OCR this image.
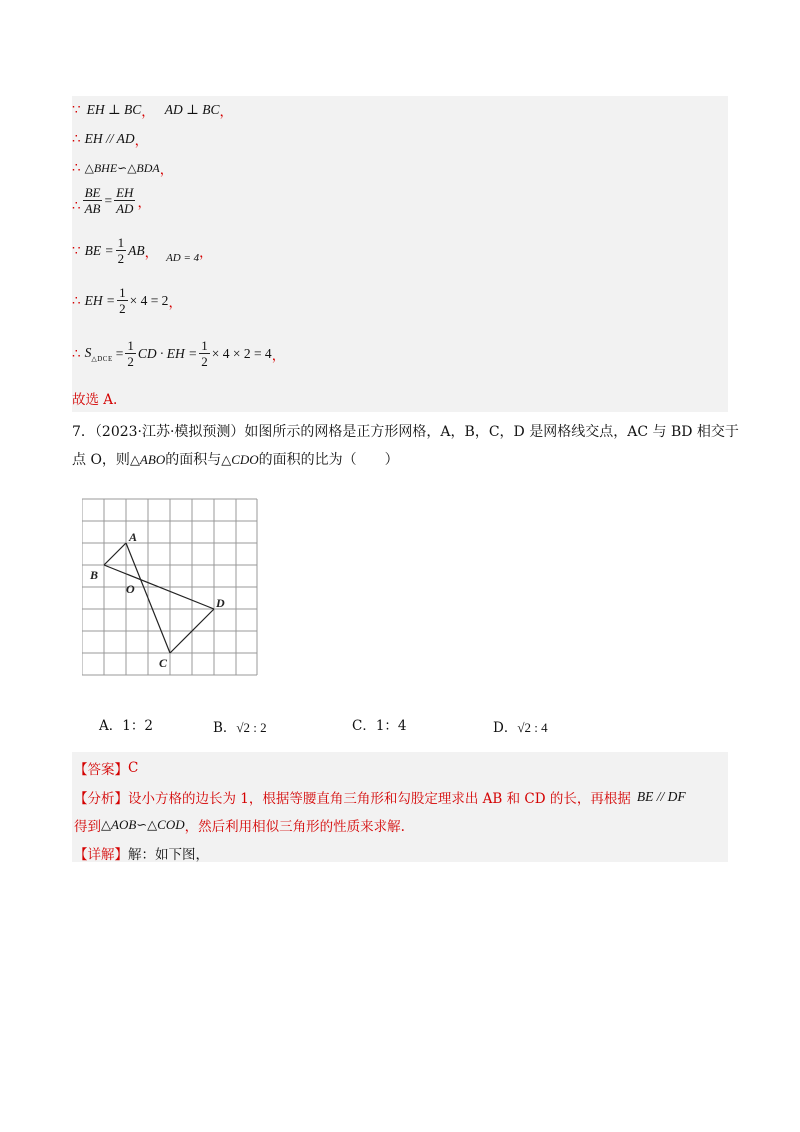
∵ EH ⊥ BC ， AD ⊥ BC ，
∴ EH // AD ，
∴ △BHE∽△BDA ，
∴ $\frac{BE}{AB} = \frac{EH}{AD}$ ，
∵ BE = $\frac{1}{2}$ AB ， AD = 4 ，
∴ EH = $\frac{1}{2} \times 4 = 2$ ，
∴ $S_{\triangle DCE} = \frac{1}{2}$ CD · EH = $\frac{1}{2} \times 4 \times 2 = 4$ ，
故选 A.
7．（2023·江苏·模拟预测）如图所示的网格是正方形网格，A，B，C，D 是网格线交点，AC 与 BD 相交于
点 O，则△ABO的面积与△CDO的面积的比为（　　）
A
B
O
D
C
A．1：2	B．√2 : 2	C．1：4	D．√2 : 4
【答案】 C
【分析】 设小方格的边长为 1，根据等腰直角三角形和勾股定理求出 AB 和 CD 的长，再根据 BE // DF
得到 △AOB∽△COD ，然后利用相似三角形的性质来求解.
【详解】 解：如下图，
